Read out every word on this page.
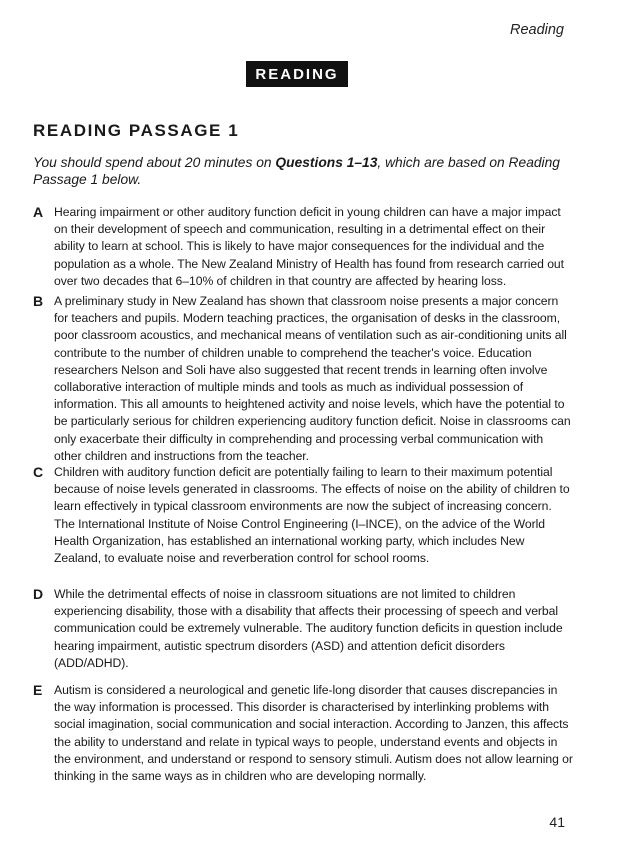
Reading
READING
READING PASSAGE 1
You should spend about 20 minutes on Questions 1–13, which are based on Reading Passage 1 below.
A Hearing impairment or other auditory function deficit in young children can have a major impact on their development of speech and communication, resulting in a detrimental effect on their ability to learn at school. This is likely to have major consequences for the individual and the population as a whole. The New Zealand Ministry of Health has found from research carried out over two decades that 6–10% of children in that country are affected by hearing loss.
B A preliminary study in New Zealand has shown that classroom noise presents a major concern for teachers and pupils. Modern teaching practices, the organisation of desks in the classroom, poor classroom acoustics, and mechanical means of ventilation such as air-conditioning units all contribute to the number of children unable to comprehend the teacher's voice. Education researchers Nelson and Soli have also suggested that recent trends in learning often involve collaborative interaction of multiple minds and tools as much as individual possession of information. This all amounts to heightened activity and noise levels, which have the potential to be particularly serious for children experiencing auditory function deficit. Noise in classrooms can only exacerbate their difficulty in comprehending and processing verbal communication with other children and instructions from the teacher.
C Children with auditory function deficit are potentially failing to learn to their maximum potential because of noise levels generated in classrooms. The effects of noise on the ability of children to learn effectively in typical classroom environments are now the subject of increasing concern. The International Institute of Noise Control Engineering (I–INCE), on the advice of the World Health Organization, has established an international working party, which includes New Zealand, to evaluate noise and reverberation control for school rooms.
D While the detrimental effects of noise in classroom situations are not limited to children experiencing disability, those with a disability that affects their processing of speech and verbal communication could be extremely vulnerable. The auditory function deficits in question include hearing impairment, autistic spectrum disorders (ASD) and attention deficit disorders (ADD/ADHD).
E Autism is considered a neurological and genetic life-long disorder that causes discrepancies in the way information is processed. This disorder is characterised by interlinking problems with social imagination, social communication and social interaction. According to Janzen, this affects the ability to understand and relate in typical ways to people, understand events and objects in the environment, and understand or respond to sensory stimuli. Autism does not allow learning or thinking in the same ways as in children who are developing normally.
41
